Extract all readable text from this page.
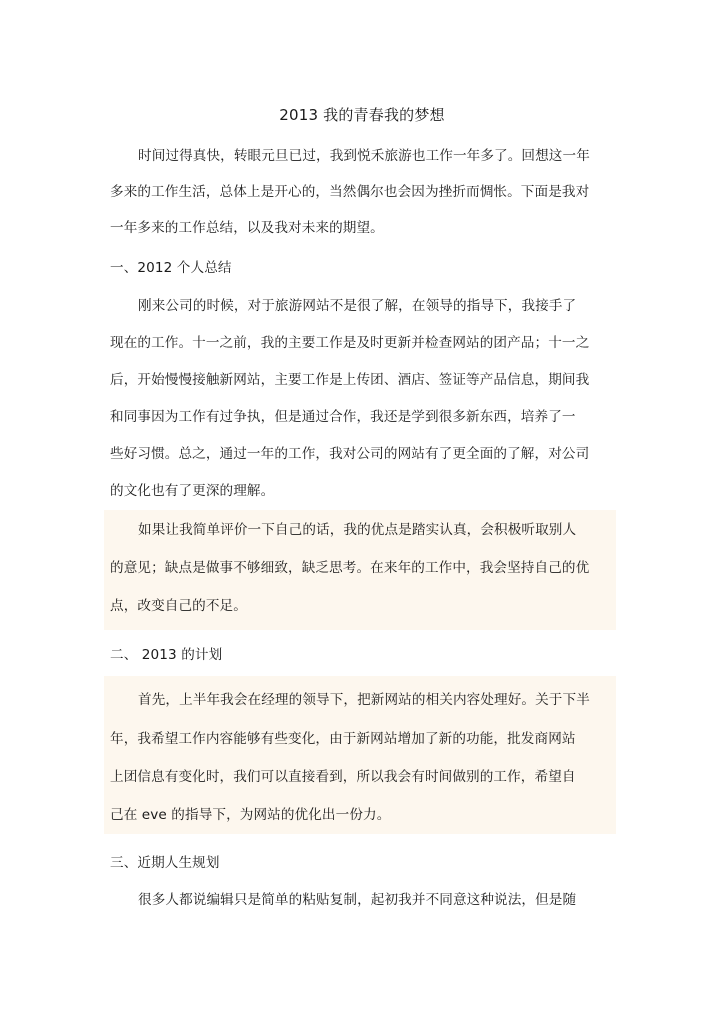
2013 我的青春我的梦想
时间过得真快，转眼元旦已过，我到悦禾旅游也工作一年多了。回想这一年
多来的工作生活，总体上是开心的，当然偶尔也会因为挫折而惆怅。下面是我对
一年多来的工作总结，以及我对未来的期望。
一、2012 个人总结
刚来公司的时候，对于旅游网站不是很了解，在领导的指导下，我接手了
现在的工作。十一之前，我的主要工作是及时更新并检查网站的团产品；十一之
后，开始慢慢接触新网站，主要工作是上传团、酒店、签证等产品信息，期间我
和同事因为工作有过争执，但是通过合作，我还是学到很多新东西，培养了一
些好习惯。总之，通过一年的工作，我对公司的网站有了更全面的了解，对公司
的文化也有了更深的理解。
如果让我简单评价一下自己的话，我的优点是踏实认真，会积极听取别人
的意见；缺点是做事不够细致，缺乏思考。在来年的工作中，我会坚持自己的优
点，改变自己的不足。
二、 2013 的计划
首先，上半年我会在经理的领导下，把新网站的相关内容处理好。关于下半
年，我希望工作内容能够有些变化，由于新网站增加了新的功能，批发商网站
上团信息有变化时，我们可以直接看到，所以我会有时间做别的工作，希望自
己在 eve 的指导下，为网站的优化出一份力。
三、近期人生规划
很多人都说编辑只是简单的粘贴复制，起初我并不同意这种说法，但是随
